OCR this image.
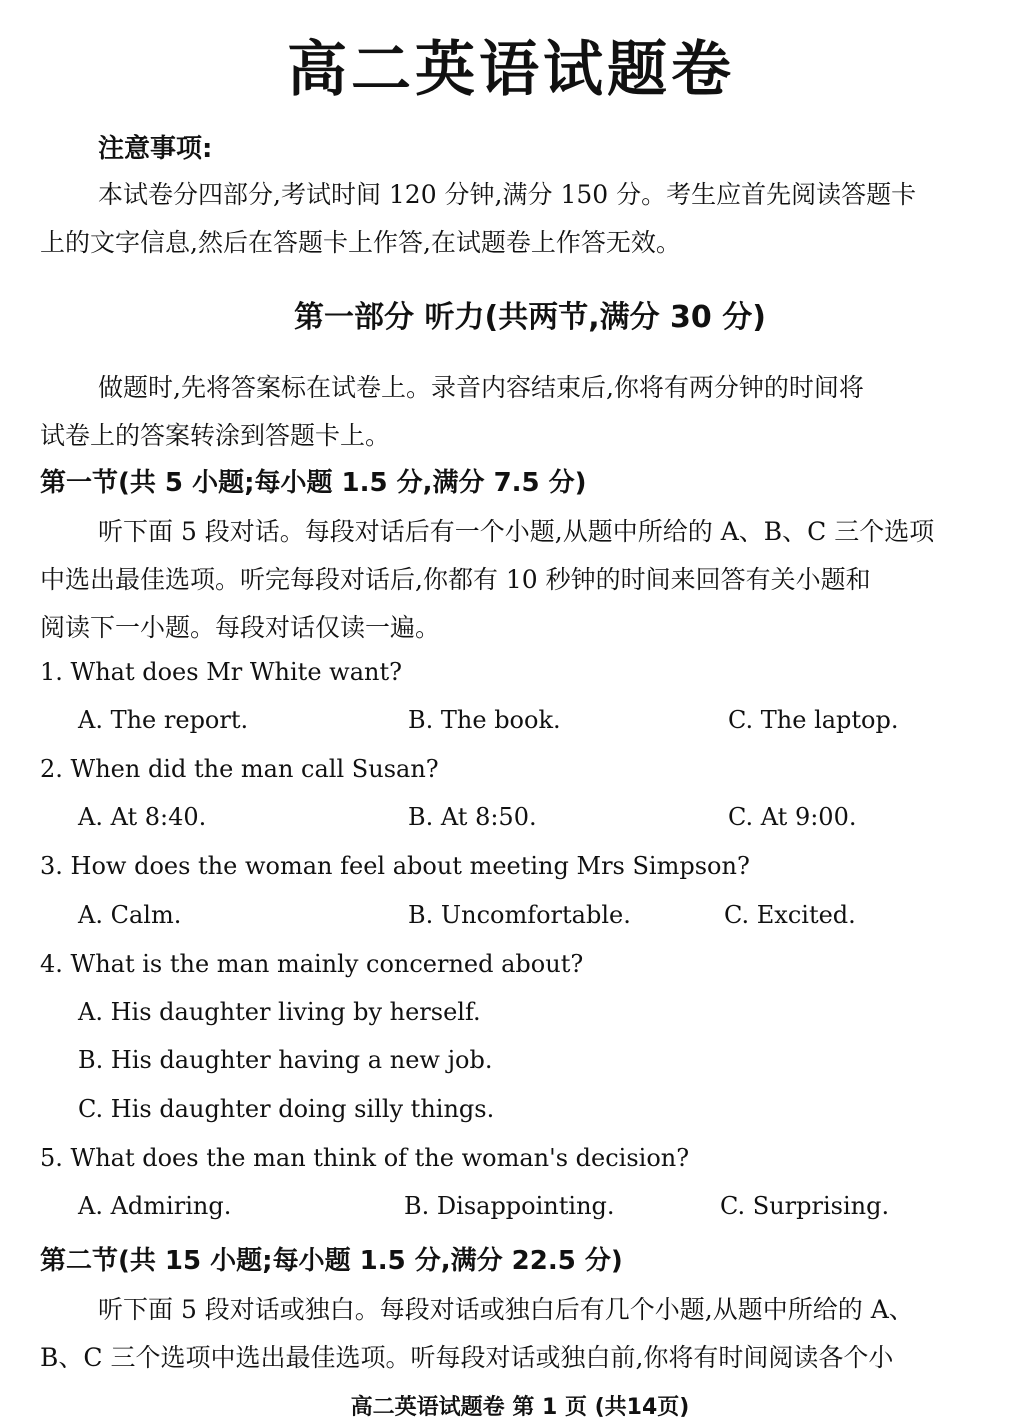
高二英语试题卷
注意事项:
本试卷分四部分,考试时间 120 分钟,满分 150 分。考生应首先阅读答题卡
上的文字信息,然后在答题卡上作答,在试题卷上作答无效。
第一部分 听力(共两节,满分 30 分)
做题时,先将答案标在试卷上。录音内容结束后,你将有两分钟的时间将
试卷上的答案转涂到答题卡上。
第一节(共 5 小题;每小题 1.5 分,满分 7.5 分)
听下面 5 段对话。每段对话后有一个小题,从题中所给的 A、B、C 三个选项
中选出最佳选项。听完每段对话后,你都有 10 秒钟的时间来回答有关小题和
阅读下一小题。每段对话仅读一遍。
1. What does Mr White want?
A. The report.	B. The book.	C. The laptop.
2. When did the man call Susan?
A. At 8:40.	B. At 8:50.	C. At 9:00.
3. How does the woman feel about meeting Mrs Simpson?
A. Calm.	B. Uncomfortable.	C. Excited.
4. What is the man mainly concerned about?
A. His daughter living by herself.
B. His daughter having a new job.
C. His daughter doing silly things.
5. What does the man think of the woman's decision?
A. Admiring.	B. Disappointing.	C. Surprising.
第二节(共 15 小题;每小题 1.5 分,满分 22.5 分)
听下面 5 段对话或独白。每段对话或独白后有几个小题,从题中所给的 A、
B、C 三个选项中选出最佳选项。听每段对话或独白前,你将有时间阅读各个小
高二英语试题卷 第 1 页 (共14页)
